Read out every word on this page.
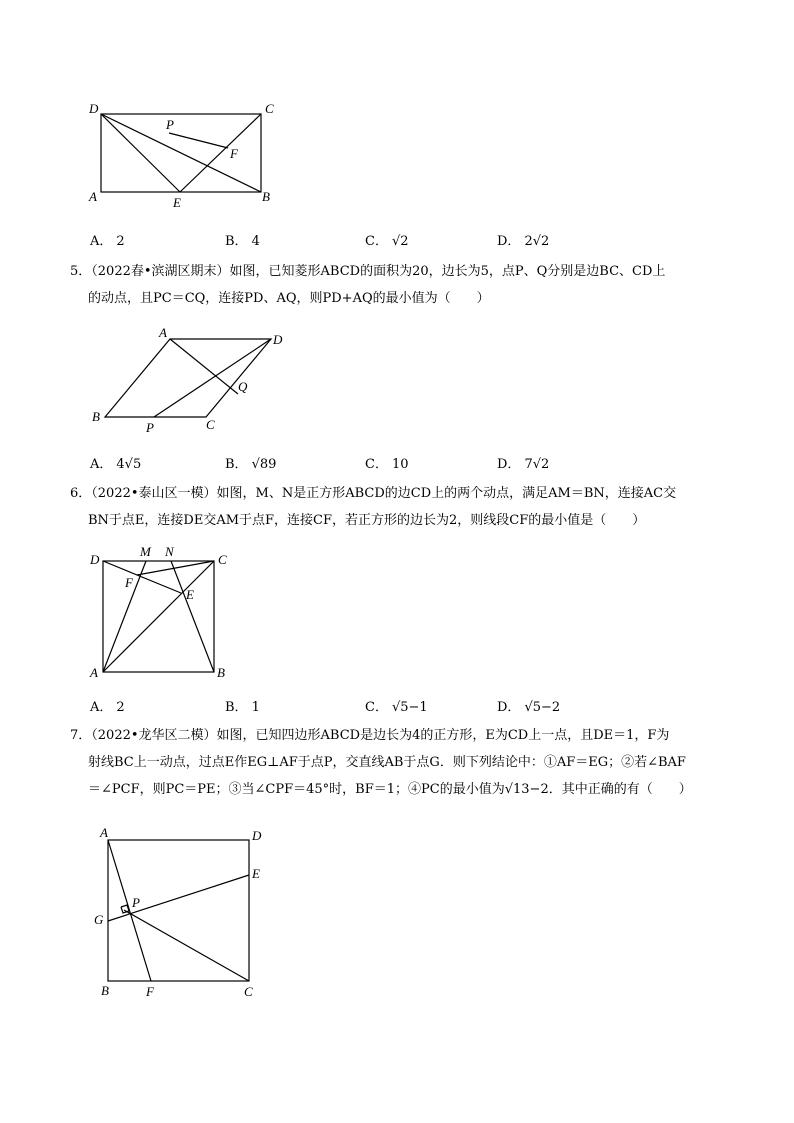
D	C
P
F
A	E	B
A． 2	B． 4	C． √2	D． 2√2

5．（2022春•滨湖区期末）如图，已知菱形ABCD的面积为20，边长为5，点P、Q分别是边BC、CD上

的动点，且PC＝CQ，连接PD、AQ，则PD+AQ的最小值为（　　）

A	D
Q
B
P	C
A． 4√5	B． √89	C． 10	D． 7√2

6．（2022•泰山区一模）如图，M、N是正方形ABCD的边CD上的两个动点，满足AM＝BN，连接AC交

BN于点E，连接DE交AM于点F，连接CF，若正方形的边长为2，则线段CF的最小值是（　　）

D
M N
C
F
E
A	B
A． 2	B． 1	C． √5−1	D． √5−2

7．（2022•龙华区二模）如图，已知四边形ABCD是边长为4的正方形，E为CD上一点，且DE＝1，F为

射线BC上一动点，过点E作EG⊥AF于点P，交直线AB于点G．则下列结论中：①AF＝EG；②若∠BAF

＝∠PCF，则PC＝PE；③当∠CPF＝45°时，BF＝1；④PC的最小值为√13−2．其中正确的有（　　）

A	D
E
P
G
B	F	C
